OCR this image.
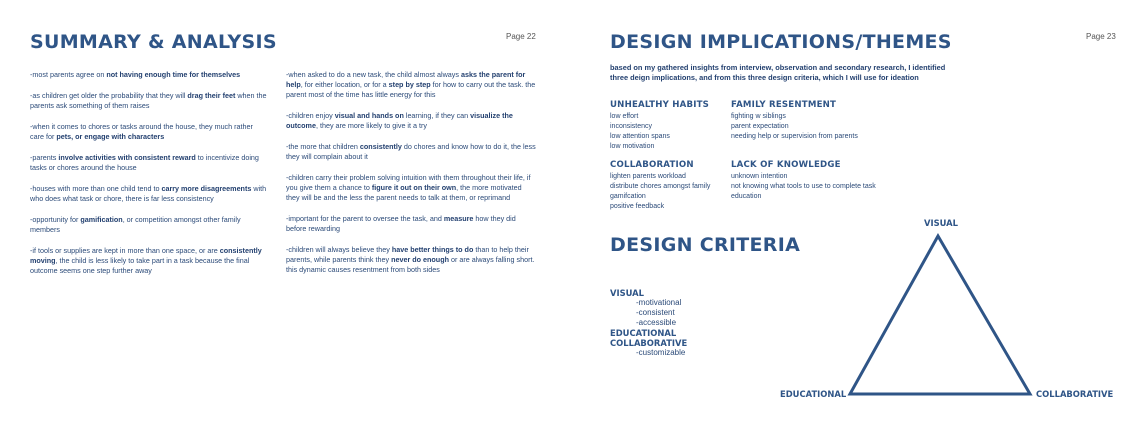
SUMMARY & ANALYSIS	Page 22

-most parents agree on not having enough time for themselves

-as children get older the probability that they will drag their feet when the parents ask something of them raises

-when it comes to chores or tasks around the house, they much rather care for pets, or engage with characters

-parents involve activities with consistent reward to incentivize doing tasks or chores around the house

-houses with more than one child tend to carry more disagreements with who does what task or chore, there is far less consistency

-opportunity for gamification, or competition amongst other family members

-if tools or supplies are kept in more than one space, or are consistently moving, the child is less likely to take part in a task because the final outcome seems one step further away

-when asked to do a new task, the child almost always asks the parent for help, for either location, or for a step by step for how to carry out the task. the parent most of the time has little energy for this

-children enjoy visual and hands on learning, if they can visualize the outcome, they are more likely to give it a try

-the more that children consistently do chores and know how to do it, the less they will complain about it

-children carry their problem solving intuition with them throughout their life, if you give them a chance to figure it out on their own, the more motivated they will be and the less the parent needs to talk at them, or reprimand

-important for the parent to oversee the task, and measure how they did before rewarding

-children will always believe they have better things to do than to help their parents, while parents think they never do enough or are always falling short. this dynamic causes resentment from both sides

DESIGN IMPLICATIONS/THEMES	Page 23
based on my gathered insights from interview, observation and secondary research, I identified three deign implications, and from this three design criteria, which I will use for ideation
UNHEALTHY HABITS
low effort
inconsistency
low attention spans
low motivation
FAMILY RESENTMENT
fighting w siblings
parent expectation
needing help or supervision from parents
COLLABORATION
lighten parents workload
distribute chores amongst family
gamifcation
positive feedback
LACK OF KNOWLEDGE
unknown intention
not knowing what tools to use to complete task
education
DESIGN CRITERIA
VISUAL
-motivational
-consistent
-accessible
EDUCATIONAL
COLLABORATIVE
-customizable
VISUAL
EDUCATIONAL	COLLABORATIVE
